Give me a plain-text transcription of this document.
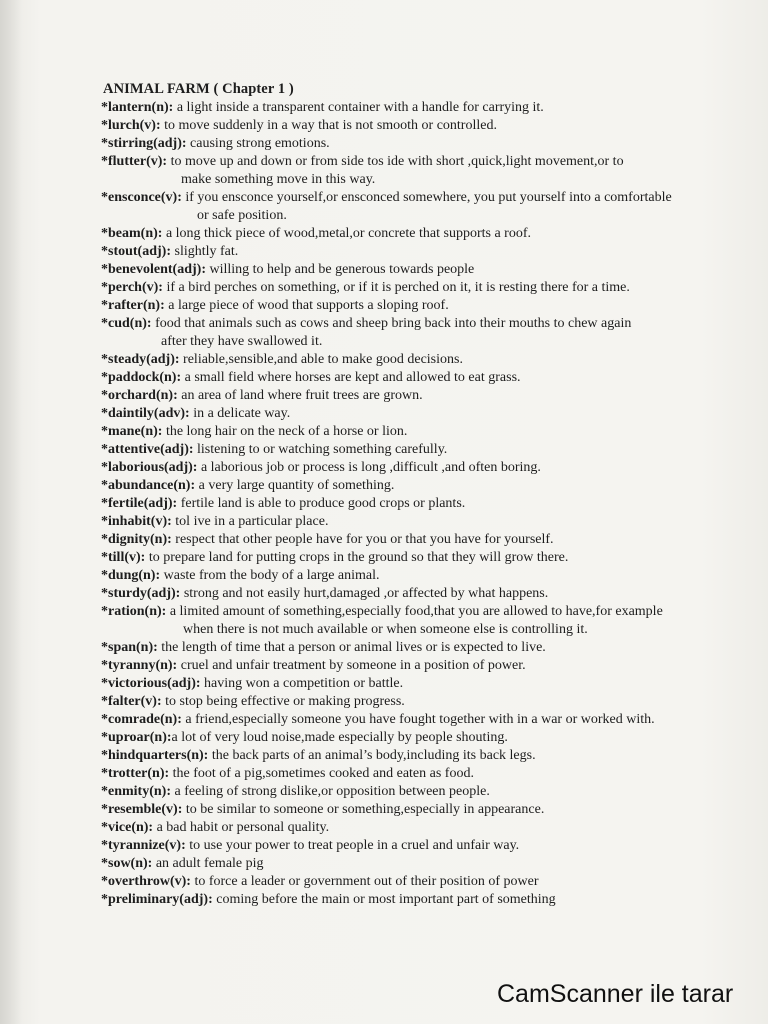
ANIMAL FARM ( Chapter 1 )
*lantern(n): a light inside a transparent container with a handle for carrying it.
*lurch(v): to move suddenly in a way that is not smooth or controlled.
*stirring(adj): causing strong emotions.
*flutter(v): to move up and down or from side tos ide with short ,quick,light movement,or to
make something move in this way.
*ensconce(v): if you ensconce yourself,or ensconced somewhere, you put yourself into a comfortable
or safe position.
*beam(n): a long thick piece of wood,metal,or concrete that supports a roof.
*stout(adj): slightly fat.
*benevolent(adj): willing to help and be generous towards people
*perch(v): if a bird perches on something, or if it is perched on it, it is resting there for a time.
*rafter(n): a large piece of wood that supports a sloping roof.
*cud(n): food that animals such as cows and sheep bring back into their mouths to chew again
after they have swallowed it.
*steady(adj): reliable,sensible,and able to make good decisions.
*paddock(n): a small field where horses are kept and allowed to eat grass.
*orchard(n): an area of land where fruit trees are grown.
*daintily(adv): in a delicate way.
*mane(n): the long hair on the neck of a horse or lion.
*attentive(adj): listening to or watching something carefully.
*laborious(adj): a laborious job or process is long ,difficult ,and often boring.
*abundance(n): a very large quantity of something.
*fertile(adj): fertile land is able to produce good crops or plants.
*inhabit(v): tol ive in a particular place.
*dignity(n): respect that other people have for you or that you have for yourself.
*till(v): to prepare land for putting crops in the ground so that they will grow there.
*dung(n): waste from the body of a large animal.
*sturdy(adj): strong and not easily hurt,damaged ,or affected by what happens.
*ration(n): a limited amount of something,especially food,that you are allowed to have,for example
when there is not much available or when someone else is controlling it.
*span(n): the length of time that a person or animal lives or is expected to live.
*tyranny(n): cruel and unfair treatment by someone in a position of power.
*victorious(adj): having won a competition or battle.
*falter(v): to stop being effective or making progress.
*comrade(n): a friend,especially someone you have fought together with in a war or worked with.
*uproar(n):a lot of very loud noise,made especially by people shouting.
*hindquarters(n): the back parts of an animal’s body,including its back legs.
*trotter(n): the foot of a pig,sometimes cooked and eaten as food.
*enmity(n): a feeling of strong dislike,or opposition between people.
*resemble(v): to be similar to someone or something,especially in appearance.
*vice(n): a bad habit or personal quality.
*tyrannize(v): to use your power to treat people in a cruel and unfair way.
*sow(n): an adult female pig
*overthrow(v): to force a leader or government out of their position of power
*preliminary(adj): coming before the main or most important part of something
CamScanner ile tarar
